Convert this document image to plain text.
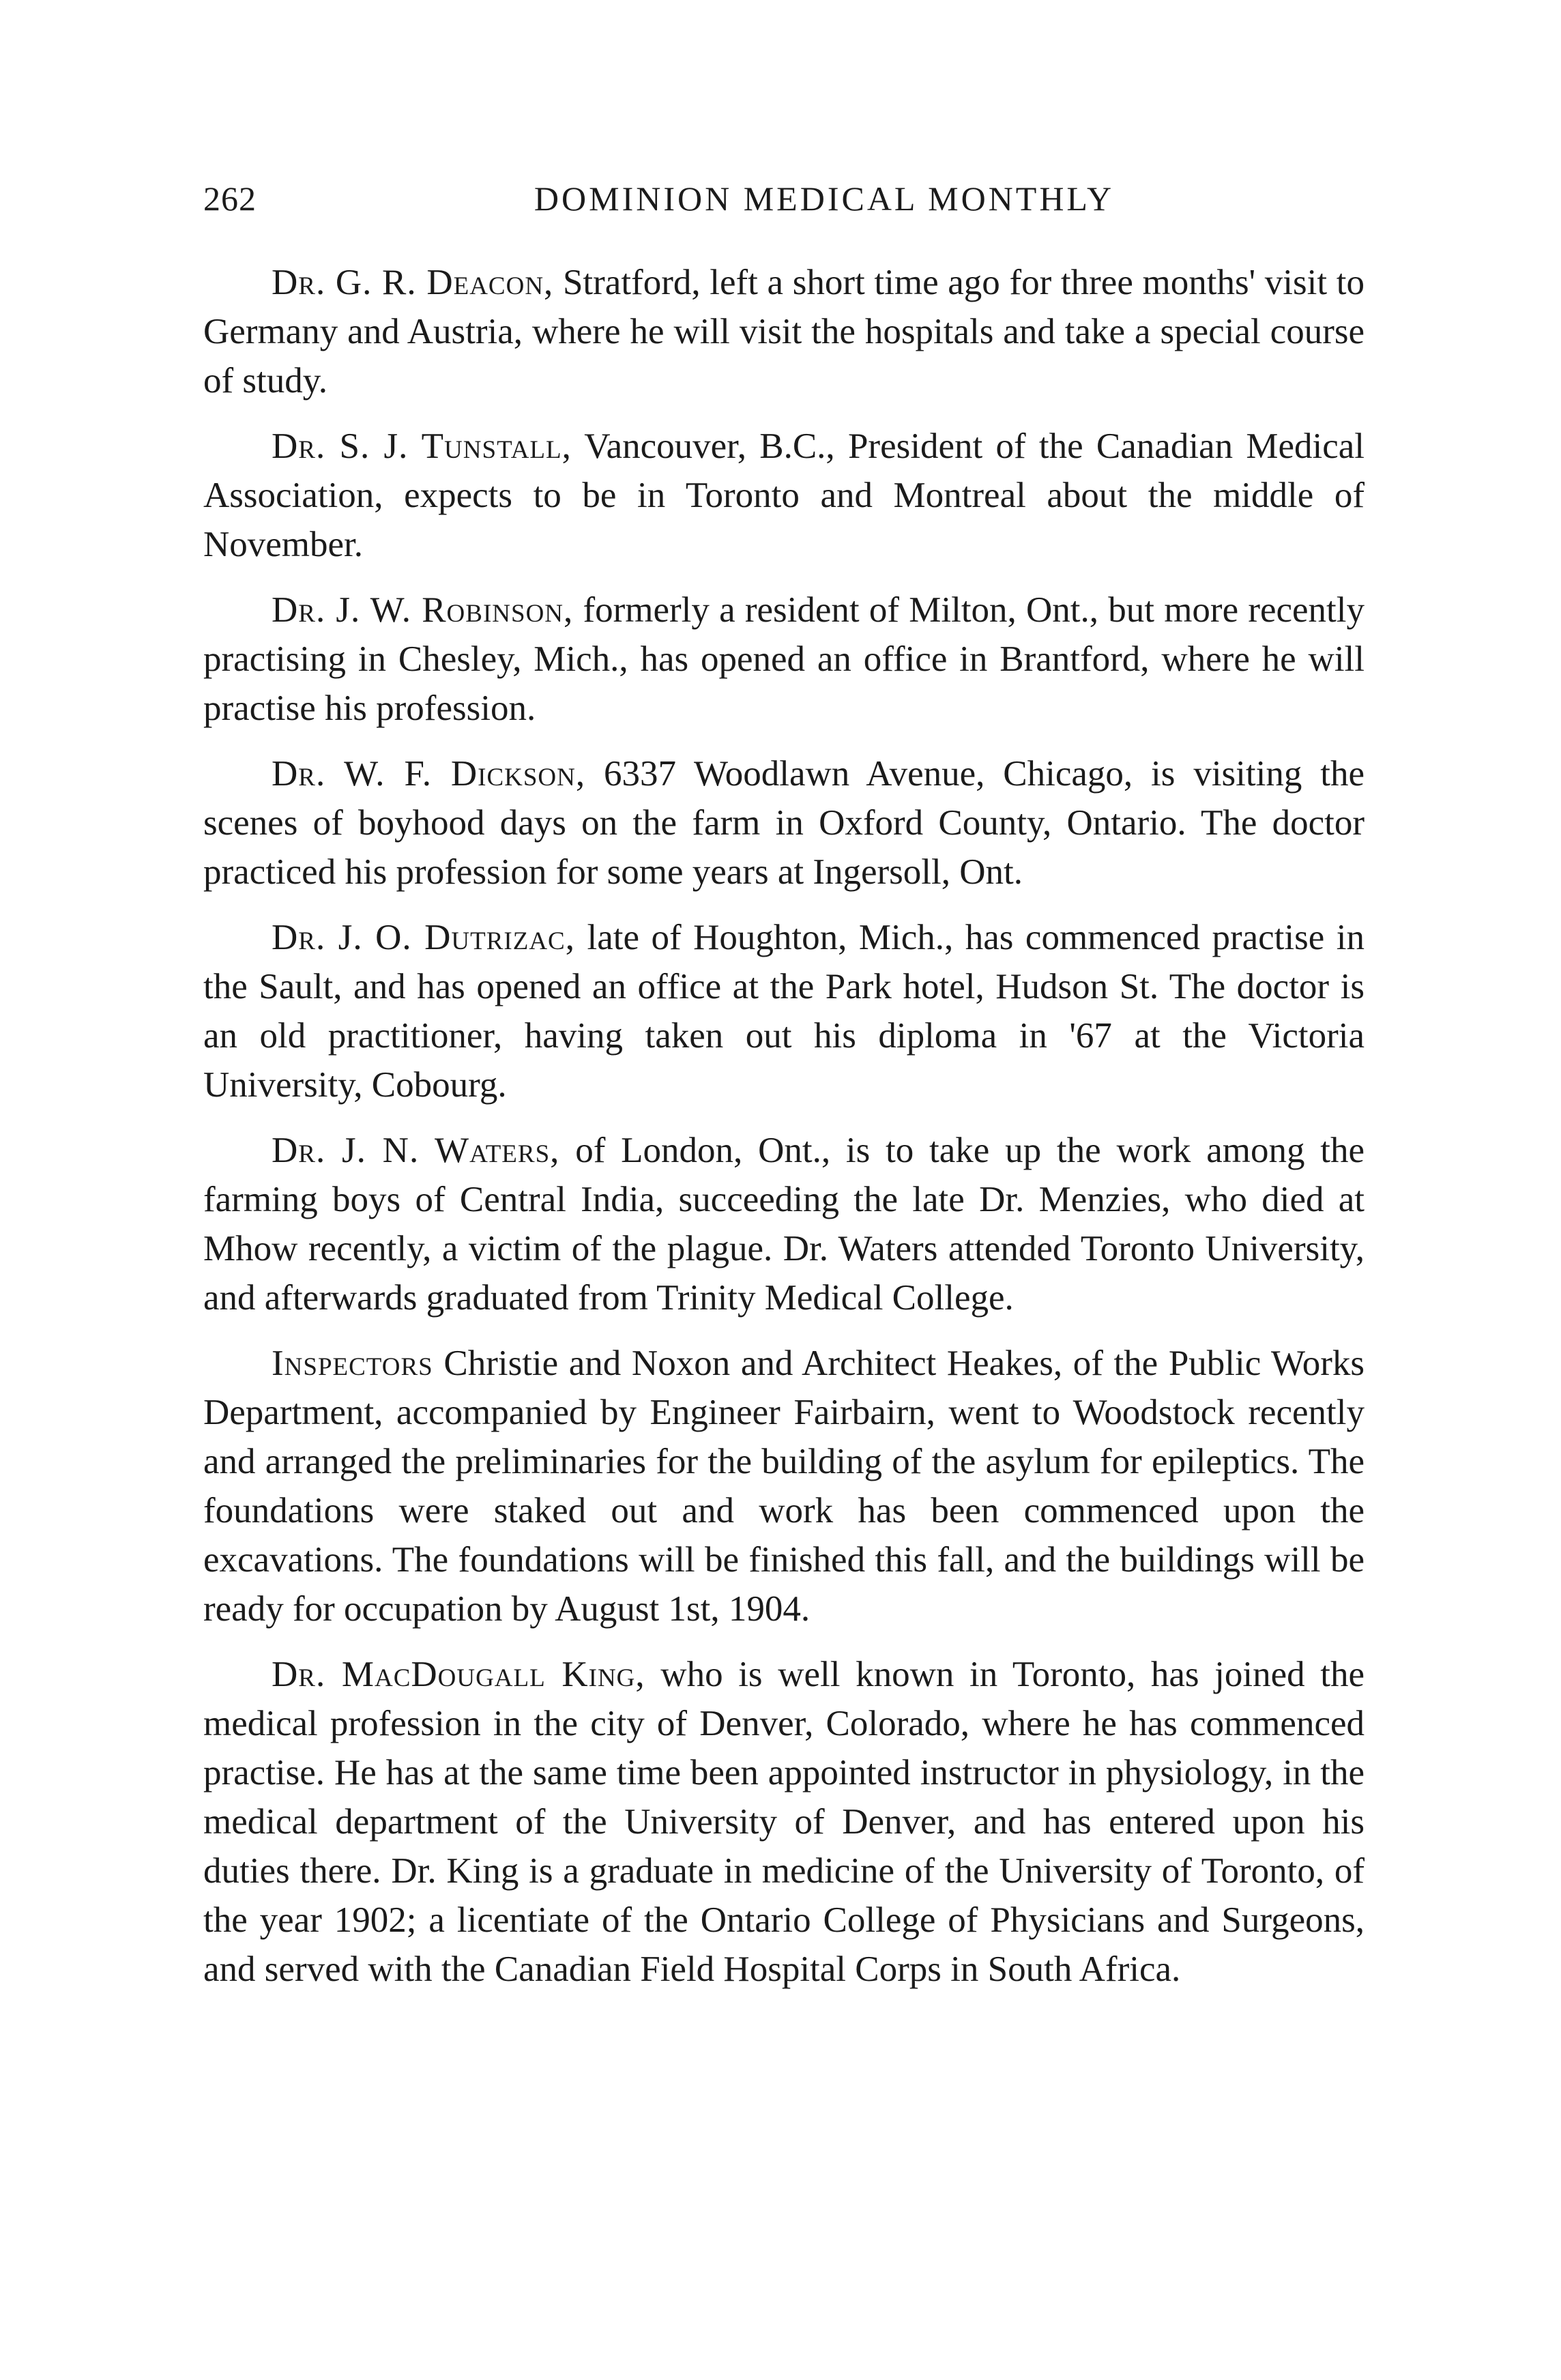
262	DOMINION MEDICAL MONTHLY

Dr. G. R. Deacon, Stratford, left a short time ago for three months' visit to Germany and Austria, where he will visit the hospitals and take a special course of study.

Dr. S. J. Tunstall, Vancouver, B.C., President of the Canadian Medical Association, expects to be in Toronto and Montreal about the middle of November.

Dr. J. W. Robinson, formerly a resident of Milton, Ont., but more recently practising in Chesley, Mich., has opened an office in Brantford, where he will practise his profession.

Dr. W. F. Dickson, 6337 Woodlawn Avenue, Chicago, is visiting the scenes of boyhood days on the farm in Oxford County, Ontario. The doctor practiced his profession for some years at Ingersoll, Ont.

Dr. J. O. Dutrizac, late of Houghton, Mich., has commenced practise in the Sault, and has opened an office at the Park hotel, Hudson St. The doctor is an old practitioner, having taken out his diploma in '67 at the Victoria University, Cobourg.

Dr. J. N. Waters, of London, Ont., is to take up the work among the farming boys of Central India, succeeding the late Dr. Menzies, who died at Mhow recently, a victim of the plague. Dr. Waters attended Toronto University, and afterwards graduated from Trinity Medical College.

Inspectors Christie and Noxon and Architect Heakes, of the Public Works Department, accompanied by Engineer Fairbairn, went to Woodstock recently and arranged the preliminaries for the building of the asylum for epileptics. The foundations were staked out and work has been commenced upon the excavations. The foundations will be finished this fall, and the buildings will be ready for occupation by August 1st, 1904.

Dr. MacDougall King, who is well known in Toronto, has joined the medical profession in the city of Denver, Colorado, where he has commenced practise. He has at the same time been appointed instructor in physiology, in the medical department of the University of Denver, and has entered upon his duties there. Dr. King is a graduate in medicine of the University of Toronto, of the year 1902; a licentiate of the Ontario College of Physicians and Surgeons, and served with the Canadian Field Hospital Corps in South Africa.
